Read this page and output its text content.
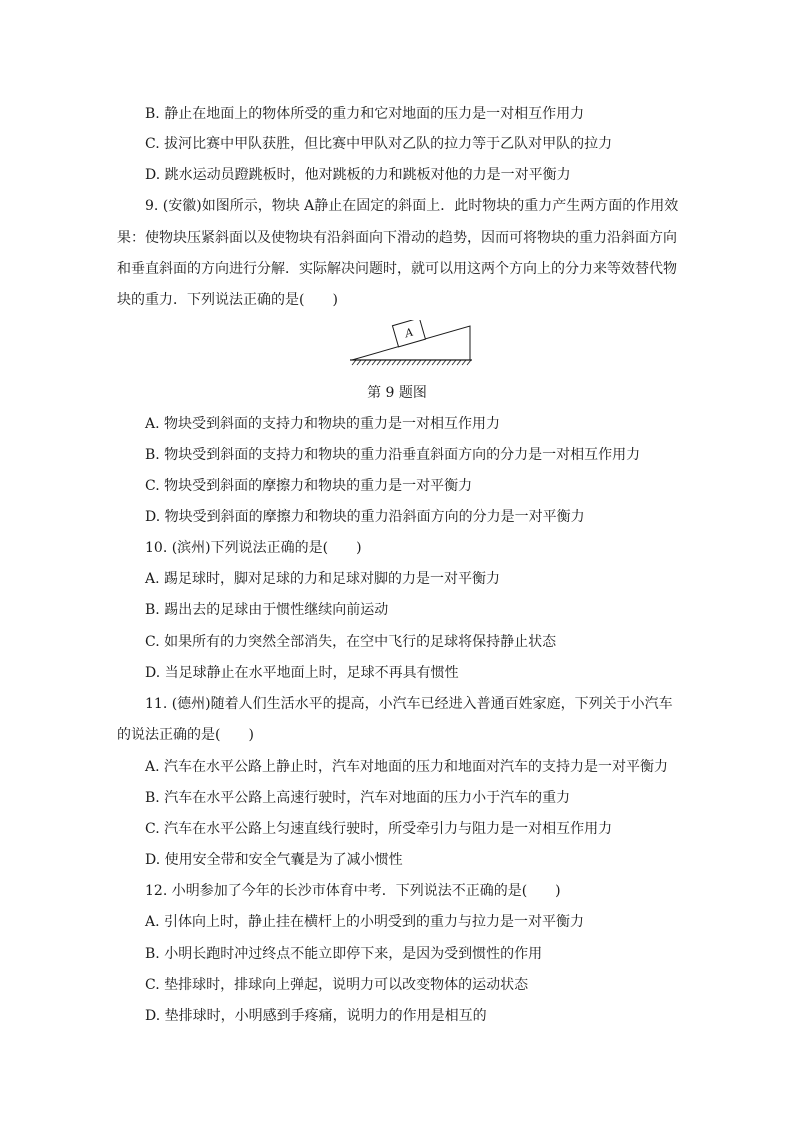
B. 静止在地面上的物体所受的重力和它对地面的压力是一对相互作用力
C. 拔河比赛中甲队获胜，但比赛中甲队对乙队的拉力等于乙队对甲队的拉力
D. 跳水运动员蹬跳板时，他对跳板的力和跳板对他的力是一对平衡力
9. (安徽)如图所示，物块 A静止在固定的斜面上．此时物块的重力产生两方面的作用效
果：使物块压紧斜面以及使物块有沿斜面向下滑动的趋势，因而可将物块的重力沿斜面方向
和垂直斜面的方向进行分解．实际解决问题时，就可以用这两个方向上的分力来等效替代物
块的重力．下列说法正确的是(　　)
A
第 9 题图
A. 物块受到斜面的支持力和物块的重力是一对相互作用力
B. 物块受到斜面的支持力和物块的重力沿垂直斜面方向的分力是一对相互作用力
C. 物块受到斜面的摩擦力和物块的重力是一对平衡力
D. 物块受到斜面的摩擦力和物块的重力沿斜面方向的分力是一对平衡力
10. (滨州)下列说法正确的是(　　)
A. 踢足球时，脚对足球的力和足球对脚的力是一对平衡力
B. 踢出去的足球由于惯性继续向前运动
C. 如果所有的力突然全部消失，在空中飞行的足球将保持静止状态
D. 当足球静止在水平地面上时，足球不再具有惯性
11. (德州)随着人们生活水平的提高，小汽车已经进入普通百姓家庭，下列关于小汽车
的说法正确的是(　　)
A. 汽车在水平公路上静止时，汽车对地面的压力和地面对汽车的支持力是一对平衡力
B. 汽车在水平公路上高速行驶时，汽车对地面的压力小于汽车的重力
C. 汽车在水平公路上匀速直线行驶时，所受牵引力与阻力是一对相互作用力
D. 使用安全带和安全气囊是为了减小惯性
12. 小明参加了今年的长沙市体育中考．下列说法不正确的是(　　)
A. 引体向上时，静止挂在横杆上的小明受到的重力与拉力是一对平衡力
B. 小明长跑时冲过终点不能立即停下来，是因为受到惯性的作用
C. 垫排球时，排球向上弹起，说明力可以改变物体的运动状态
D. 垫排球时，小明感到手疼痛，说明力的作用是相互的
